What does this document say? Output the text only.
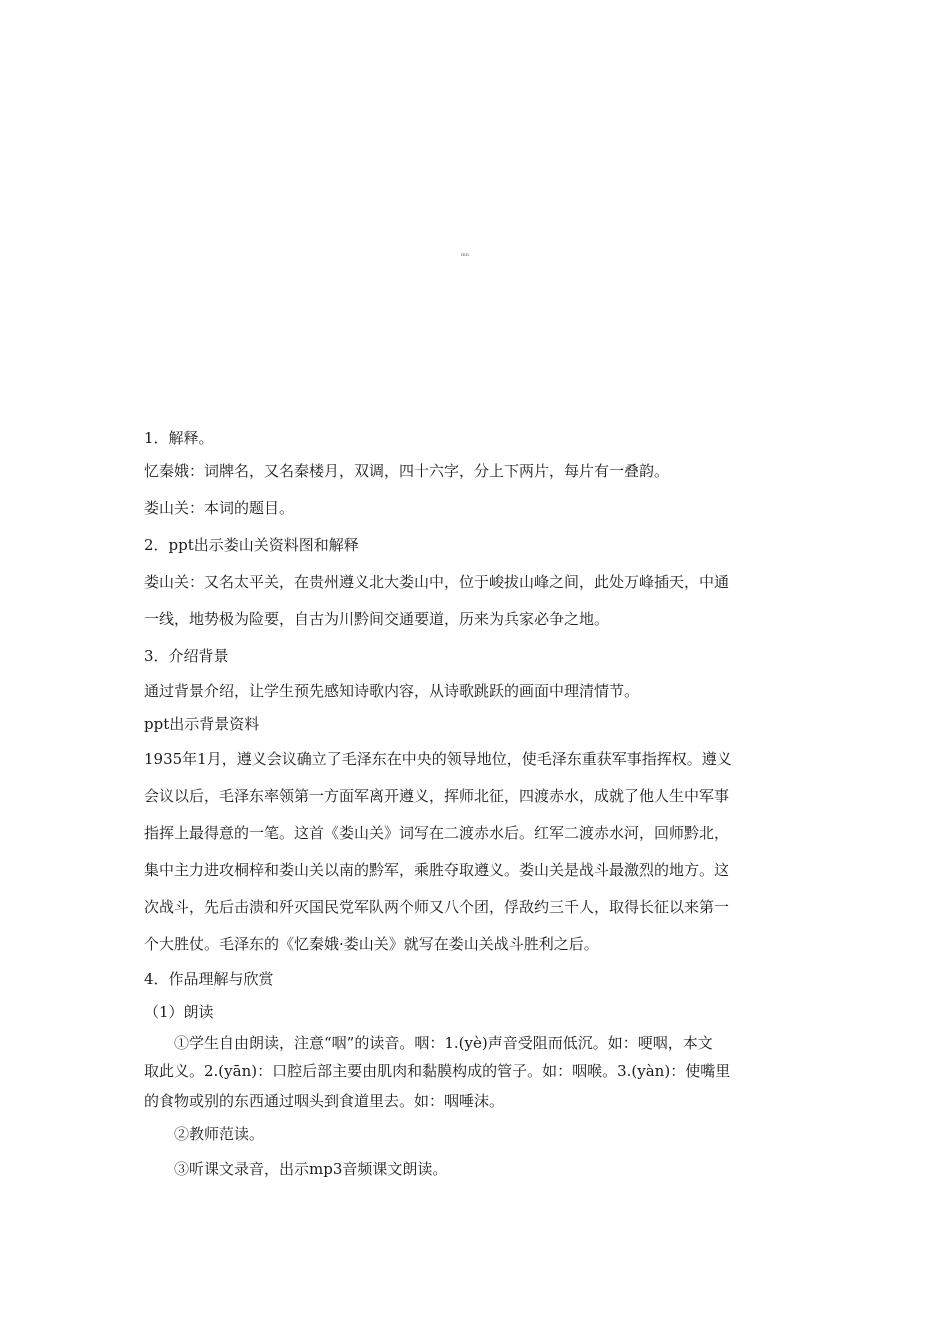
mn

1．解释。

忆秦娥：词牌名，又名秦楼月，双调，四十六字，分上下两片，每片有一叠韵。

娄山关：本词的题目。

2．ppt出示娄山关资料图和解释

娄山关：又名太平关，在贵州遵义北大娄山中，位于峻拔山峰之间，此处万峰插天，中通

一线，地势极为险要，自古为川黔间交通要道，历来为兵家必争之地。

3．介绍背景

通过背景介绍，让学生预先感知诗歌内容，从诗歌跳跃的画面中理清情节。

ppt出示背景资料

1935年1月，遵义会议确立了毛泽东在中央的领导地位，使毛泽东重获军事指挥权。遵义

会议以后，毛泽东率领第一方面军离开遵义，挥师北征，四渡赤水，成就了他人生中军事

指挥上最得意的一笔。这首《娄山关》词写在二渡赤水后。红军二渡赤水河，回师黔北，

集中主力进攻桐梓和娄山关以南的黔军，乘胜夺取遵义。娄山关是战斗最激烈的地方。这

次战斗，先后击溃和歼灭国民党军队两个师又八个团，俘敌约三千人，取得长征以来第一

个大胜仗。毛泽东的《忆秦娥·娄山关》就写在娄山关战斗胜利之后。

4．作品理解与欣赏

（1）朗读

①学生自由朗读，注意“咽”的读音。咽：1.(yè)声音受阻而低沉。如：哽咽，本文

取此义。2.(yān)：口腔后部主要由肌肉和黏膜构成的管子。如：咽喉。3.(yàn)：使嘴里

的食物或别的东西通过咽头到食道里去。如：咽唾沫。

②教师范读。

③听课文录音，出示mp3音频课文朗读。
